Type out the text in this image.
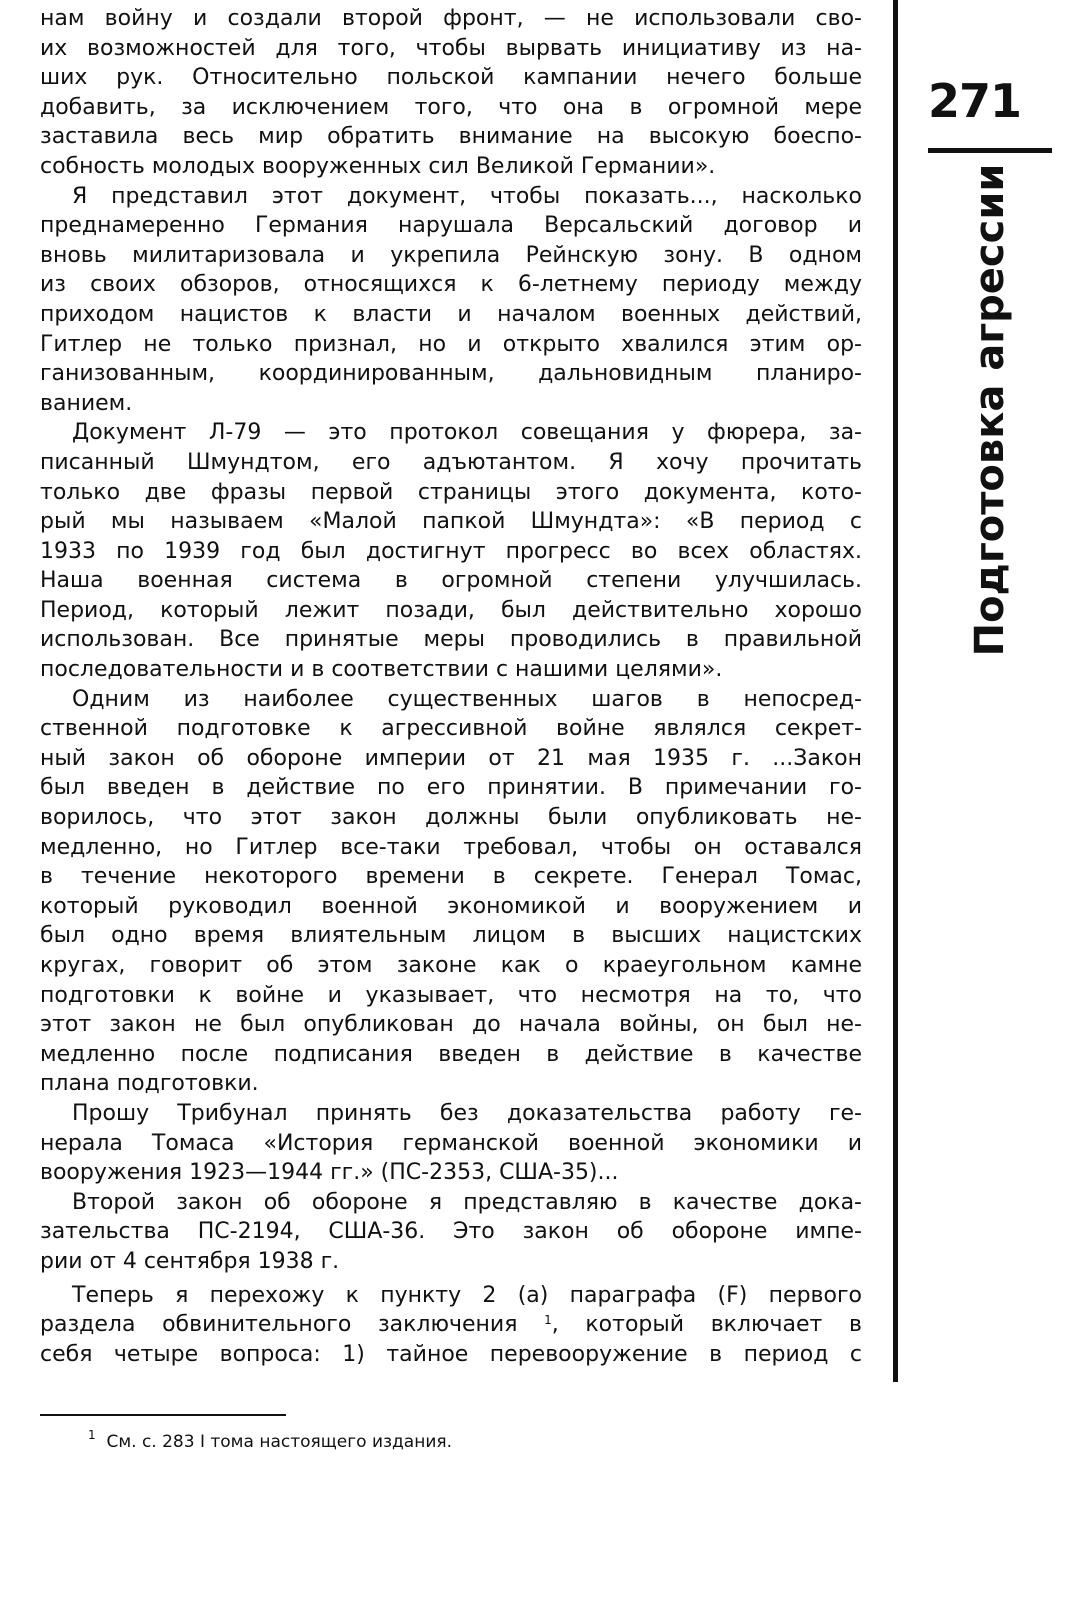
нам войну и создали второй фронт, — не использовали сво-
их возможностей для того, чтобы вырвать инициативу из на-
ших рук. Относительно польской кампании нечего больше
добавить, за исключением того, что она в огромной мере
заставила весь мир обратить внимание на высокую боеспо-
собность молодых вооруженных сил Великой Германии».
Я представил этот документ, чтобы показать..., насколько
преднамеренно Германия нарушала Версальский договор и
вновь милитаризовала и укрепила Рейнскую зону. В одном
из своих обзоров, относящихся к 6-летнему периоду между
приходом нацистов к власти и началом военных действий,
Гитлер не только признал, но и открыто хвалился этим ор-
ганизованным, координированным, дальновидным планиро-
ванием.
Документ Л-79 — это протокол совещания у фюрера, за-
писанный Шмундтом, его адъютантом. Я хочу прочитать
только две фразы первой страницы этого документа, кото-
рый мы называем «Малой папкой Шмундта»: «В период с
1933 по 1939 год был достигнут прогресс во всех областях.
Наша военная система в огромной степени улучшилась.
Период, который лежит позади, был действительно хорошо
использован. Все принятые меры проводились в правильной
последовательности и в соответствии с нашими целями».
Одним из наиболее существенных шагов в непосред-
ственной подготовке к агрессивной войне являлся секрет-
ный закон об обороне империи от 21 мая 1935 г. ...Закон
был введен в действие по его принятии. В примечании го-
ворилось, что этот закон должны были опубликовать не-
медленно, но Гитлер все-таки требовал, чтобы он оставался
в течение некоторого времени в секрете. Генерал Томас,
который руководил военной экономикой и вооружением и
был одно время влиятельным лицом в высших нацистских
кругах, говорит об этом законе как о краеугольном камне
подготовки к войне и указывает, что несмотря на то, что
этот закон не был опубликован до начала войны, он был не-
медленно после подписания введен в действие в качестве
плана подготовки.
Прошу Трибунал принять без доказательства работу ге-
нерала Томаса «История германской военной экономики и
вооружения 1923—1944 гг.» (ПС-2353, США-35)...
Второй закон об обороне я представляю в качестве дока-
зательства ПС-2194, США-36. Это закон об обороне импе-
рии от 4 сентября 1938 г.
Теперь я перехожу к пункту 2 (а) параграфа (F) первого
раздела обвинительного заключения $^1$, который включает в
себя четыре вопроса: 1) тайное перевооружение в период с
271
Подготовка агрессии
$^1$ См. с. 283 I тома настоящего издания.
